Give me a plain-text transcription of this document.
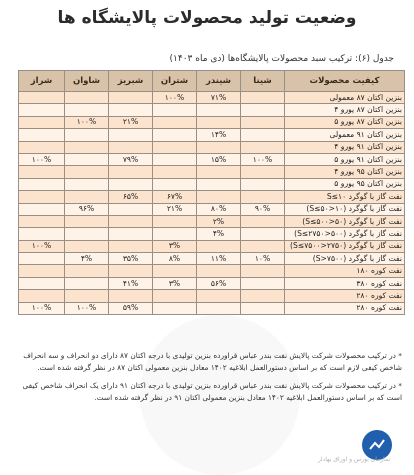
وضعیت تولید محصولات پالایشگاه ها
جدول (۶): ترکیب سبد محصولات پالایشگاه‌ها (دی ماه ۱۴۰۳)
کیفیت محصولات	شینا	شیندر	شتران	شبریز	شاوان	شراز
بنزین اکتان ۸۷ معمولی		۷۱%	۱۰۰%			
بنزین اکتان ۸۷ یورو ۴						
بنزین اکتان ۸۷ یورو ۵				۲۱%	۱۰۰%	
بنزین اکتان ۹۱ معمولی		۱۴%				
بنزین اکتان ۹۱ یورو ۴						
بنزین اکتان ۹۱ یورو ۵	۱۰۰%	۱۵%		۷۹%		۱۰۰%
بنزین اکتان ۹۵ یورو ۴						
بنزین اکتان ۹۵ یورو ۵						
نفت گاز با گوگرد S≤۱۰			۶۷%	۶۵%		
نفت گاز با گوگرد (۱۰<S≤۵۰)	۹۰%	۸۰%	۲۱%		۹۶%	
نفت گاز با گوگرد (۵۰<S≤۵۰۰)		۲%				
نفت گاز با گوگرد (۵۰۰<S≤۲۷۵۰)		۴%				
نفت گاز با گوگرد (۲۷۵۰<S≤۷۵۰۰)			۳%			۱۰۰%
نفت گاز با گوگرد (S>۷۵۰۰)	۱۰%	۱۱%	۸%	۳۵%	۴%	
نفت کوره ۱۸۰						
نفت کوره ۳۸۰		۵۶%	۳%	۴۱%		
نفت کوره ۲۸۰						
نفت کوره ۲۸۰				۵۹%	۱۰۰%	۱۰۰%
* در ترکیب محصولات شرکت پالایش نفت بندر عباس قراورده بنزین تولیدی با درجه اکتان ۸۷ دارای دو انحراف و سه انحراف شاخص کیفی لازم است که بر اساس دستورالعمل ابلاغیه ۱۴۰۲ معادل بنزین معمولی اکتان ۸۷ در نظر گرفته شده است.
* در ترکیب محصولات شرکت پالایش نفت بندر عباس قراورده بنزین تولیدی با درجه اکتان ۹۱ دارای یک انحراف شاخص کیفی است که بر اساس دستورالعمل ابلاغیه ۱۴۰۲ معادل بنزین معمولی اکتان ۹۱ در نظر گرفته شده است.
سازمان بورس و اوراق بهادار
